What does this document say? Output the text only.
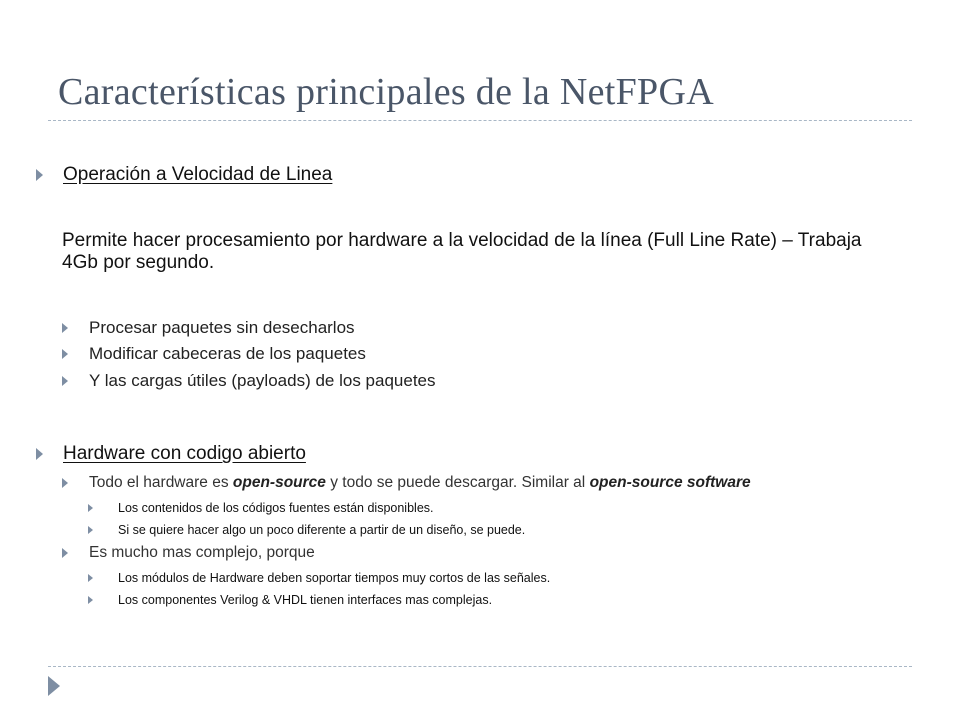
Características principales de la NetFPGA
Operación a Velocidad de Linea
Permite hacer procesamiento por hardware a la velocidad de la línea (Full Line Rate) – Trabaja 4Gb por segundo.
Procesar paquetes sin desecharlos
Modificar cabeceras de los paquetes
Y las cargas útiles (payloads) de los paquetes
Hardware con codigo abierto
Todo el hardware es open-source y todo se puede descargar. Similar al open-source software
Los contenidos de los códigos fuentes están disponibles.
Si se quiere hacer algo un poco diferente a partir de un diseño, se puede.
Es mucho mas complejo, porque
Los módulos de Hardware deben soportar tiempos muy cortos de las señales.
Los componentes Verilog & VHDL tienen interfaces mas complejas.
